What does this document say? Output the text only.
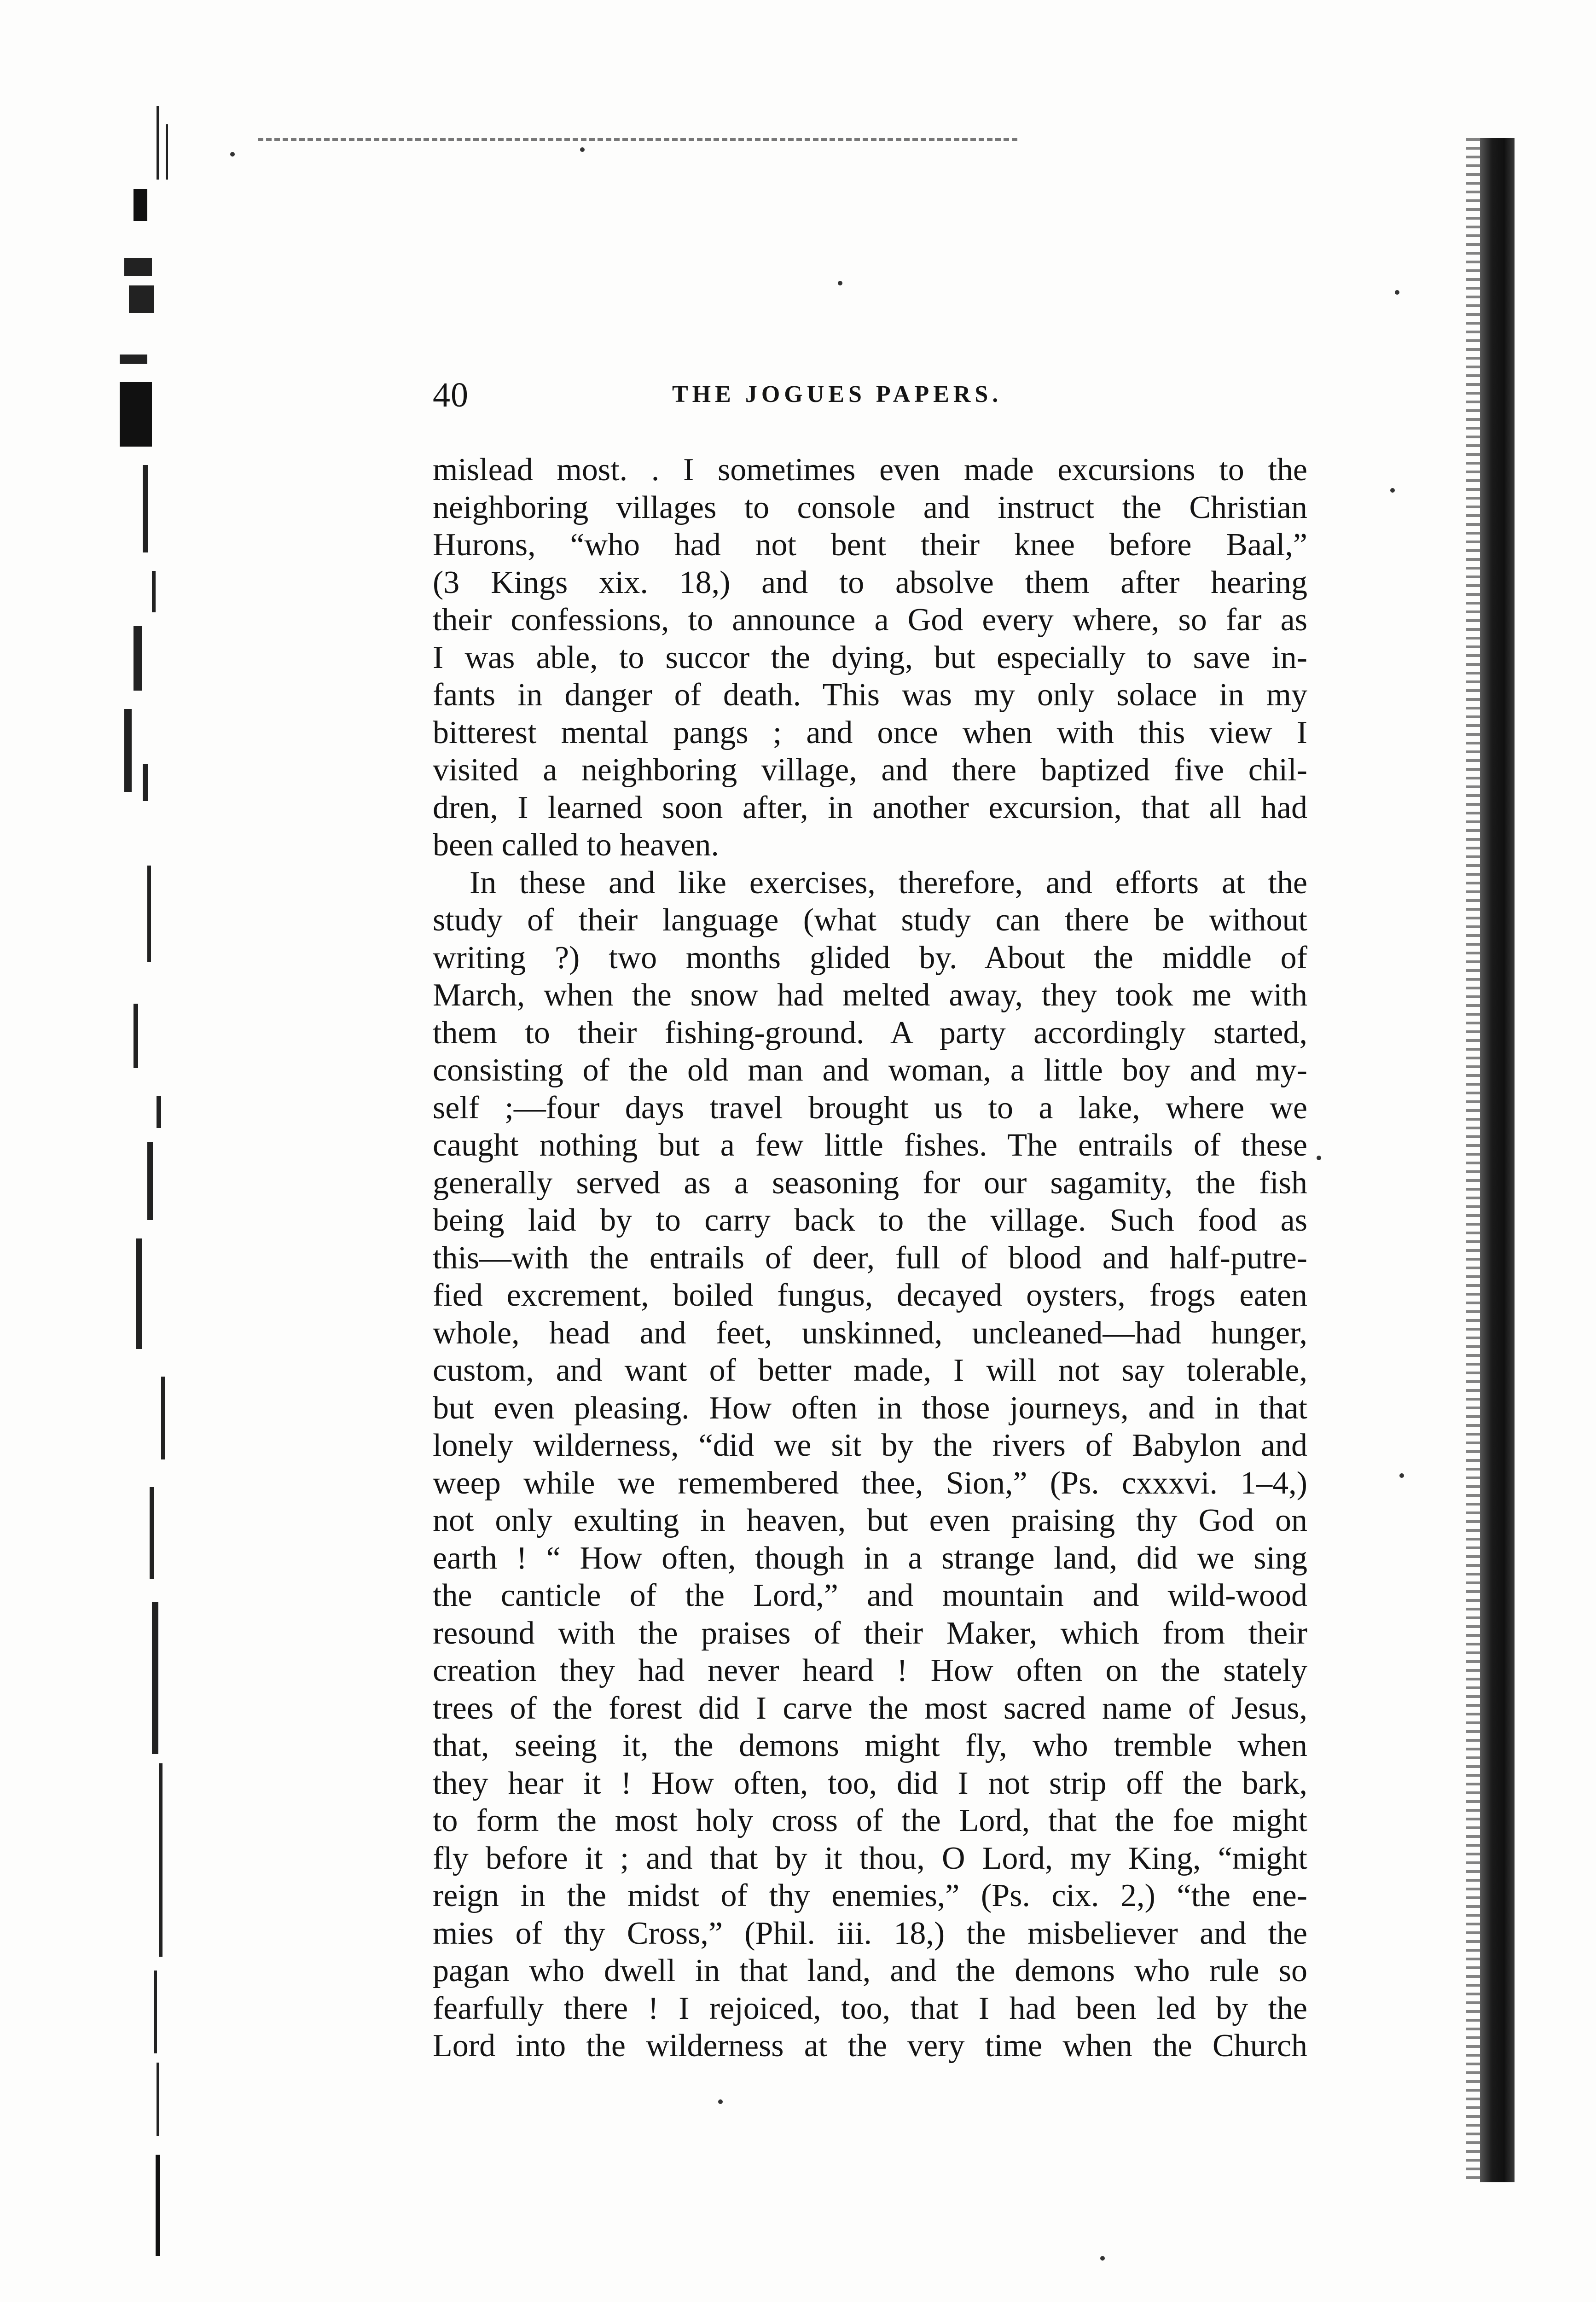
40	THE JOGUES PAPERS.
mislead most. . I sometimes even made excursions to the
neighboring villages to console and instruct the Christian
Hurons, “who had not bent their knee before Baal,”
(3 Kings xix. 18,) and to absolve them after hearing
their confessions, to announce a God every where, so far as
I was able, to succor the dying, but especially to save in-
fants in danger of death. This was my only solace in my
bitterest mental pangs ; and once when with this view I
visited a neighboring village, and there baptized five chil-
dren, I learned soon after, in another excursion, that all had
been called to heaven.
In these and like exercises, therefore, and efforts at the
study of their language (what study can there be without
writing ?) two months glided by. About the middle of
March, when the snow had melted away, they took me with
them to their fishing-ground. A party accordingly started,
consisting of the old man and woman, a little boy and my-
self ;—four days travel brought us to a lake, where we
caught nothing but a few little fishes. The entrails of these
generally served as a seasoning for our sagamity, the fish
being laid by to carry back to the village. Such food as
this—with the entrails of deer, full of blood and half-putre-
fied excrement, boiled fungus, decayed oysters, frogs eaten
whole, head and feet, unskinned, uncleaned—had hunger,
custom, and want of better made, I will not say tolerable,
but even pleasing. How often in those journeys, and in that
lonely wilderness, “did we sit by the rivers of Babylon and
weep while we remembered thee, Sion,” (Ps. cxxxvi. 1–4,)
not only exulting in heaven, but even praising thy God on
earth ! “ How often, though in a strange land, did we sing
the canticle of the Lord,” and mountain and wild-wood
resound with the praises of their Maker, which from their
creation they had never heard ! How often on the stately
trees of the forest did I carve the most sacred name of Jesus,
that, seeing it, the demons might fly, who tremble when
they hear it ! How often, too, did I not strip off the bark,
to form the most holy cross of the Lord, that the foe might
fly before it ; and that by it thou, O Lord, my King, “might
reign in the midst of thy enemies,” (Ps. cix. 2,) “the ene-
mies of thy Cross,” (Phil. iii. 18,) the misbeliever and the
pagan who dwell in that land, and the demons who rule so
fearfully there ! I rejoiced, too, that I had been led by the
Lord into the wilderness at the very time when the Church
